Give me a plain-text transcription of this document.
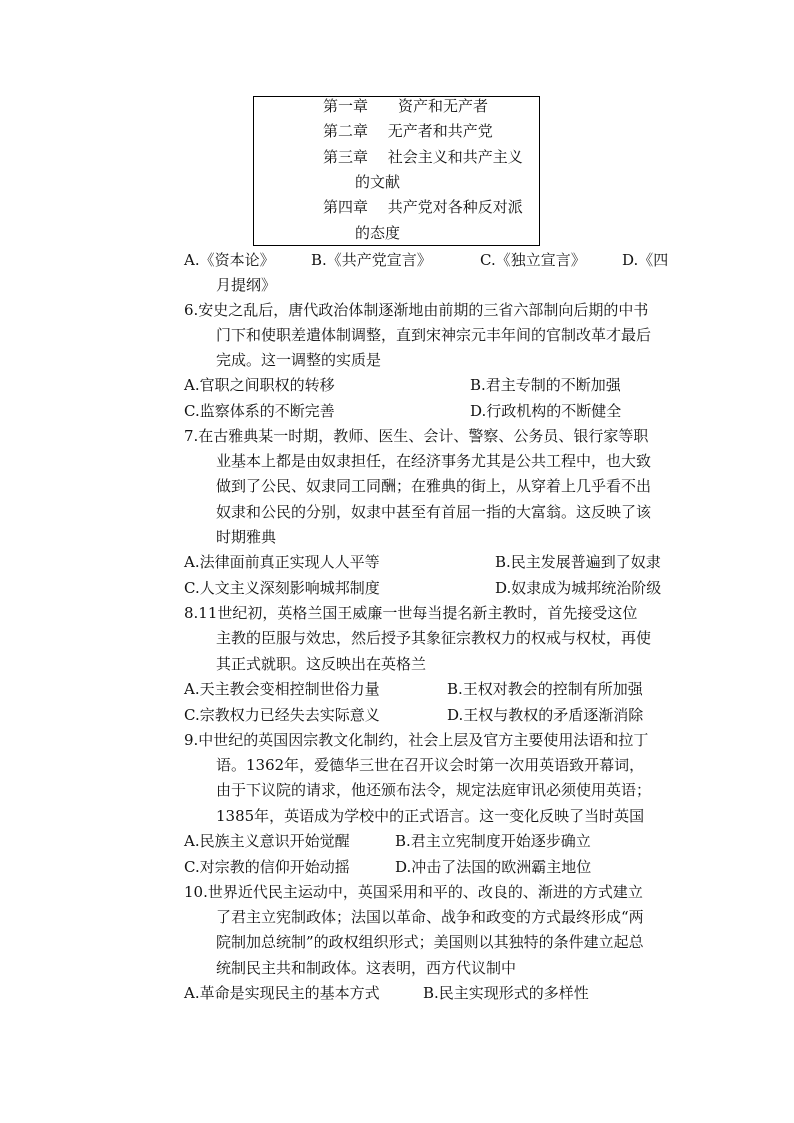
第一章　　资产和无产者
第二章　 无产者和共产党
第三章　 社会主义和共产主义
的文献
第四章　 共产党对各种反对派
的态度
A.《资本论》 B.《共产党宣言》	C.《独立宣言》 D.《四
月提纲》
6.安史之乱后，唐代政治体制逐渐地由前期的三省六部制向后期的中书
门下和使职差遣体制调整，直到宋神宗元丰年间的官制改革才最后
完成。这一调整的实质是
A.官职之间职权的转移	B.君主专制的不断加强
C.监察体系的不断完善	D.行政机构的不断健全
7.在古雅典某一时期，教师、医生、会计、警察、公务员、银行家等职
业基本上都是由奴隶担任，在经济事务尤其是公共工程中，也大致
做到了公民、奴隶同工同酬；在雅典的街上，从穿着上几乎看不出
奴隶和公民的分别，奴隶中甚至有首屈一指的大富翁。这反映了该
时期雅典
A.法律面前真正实现人人平等	B.民主发展普遍到了奴隶
C.人文主义深刻影响城邦制度	D.奴隶成为城邦统治阶级
8.11世纪初，英格兰国王威廉一世每当提名新主教时，首先接受这位
主教的臣服与效忠，然后授予其象征宗教权力的权戒与权杖，再使
其正式就职。这反映出在英格兰
A.天主教会变相控制世俗力量	B.王权对教会的控制有所加强
C.宗教权力已经失去实际意义	D.王权与教权的矛盾逐渐消除
9.中世纪的英国因宗教文化制约，社会上层及官方主要使用法语和拉丁
语。1362年，爱德华三世在召开议会时第一次用英语致开幕词，
由于下议院的请求，他还颁布法令，规定法庭审讯必须使用英语；
1385年，英语成为学校中的正式语言。这一变化反映了当时英国
A.民族主义意识开始觉醒	B.君主立宪制度开始逐步确立
C.对宗教的信仰开始动摇	D.冲击了法国的欧洲霸主地位
10.世界近代民主运动中，英国采用和平的、改良的、渐进的方式建立
了君主立宪制政体；法国以革命、战争和政变的方式最终形成“两
院制加总统制”的政权组织形式；美国则以其独特的条件建立起总
统制民主共和制政体。这表明，西方代议制中
A.革命是实现民主的基本方式	B.民主实现形式的多样性
